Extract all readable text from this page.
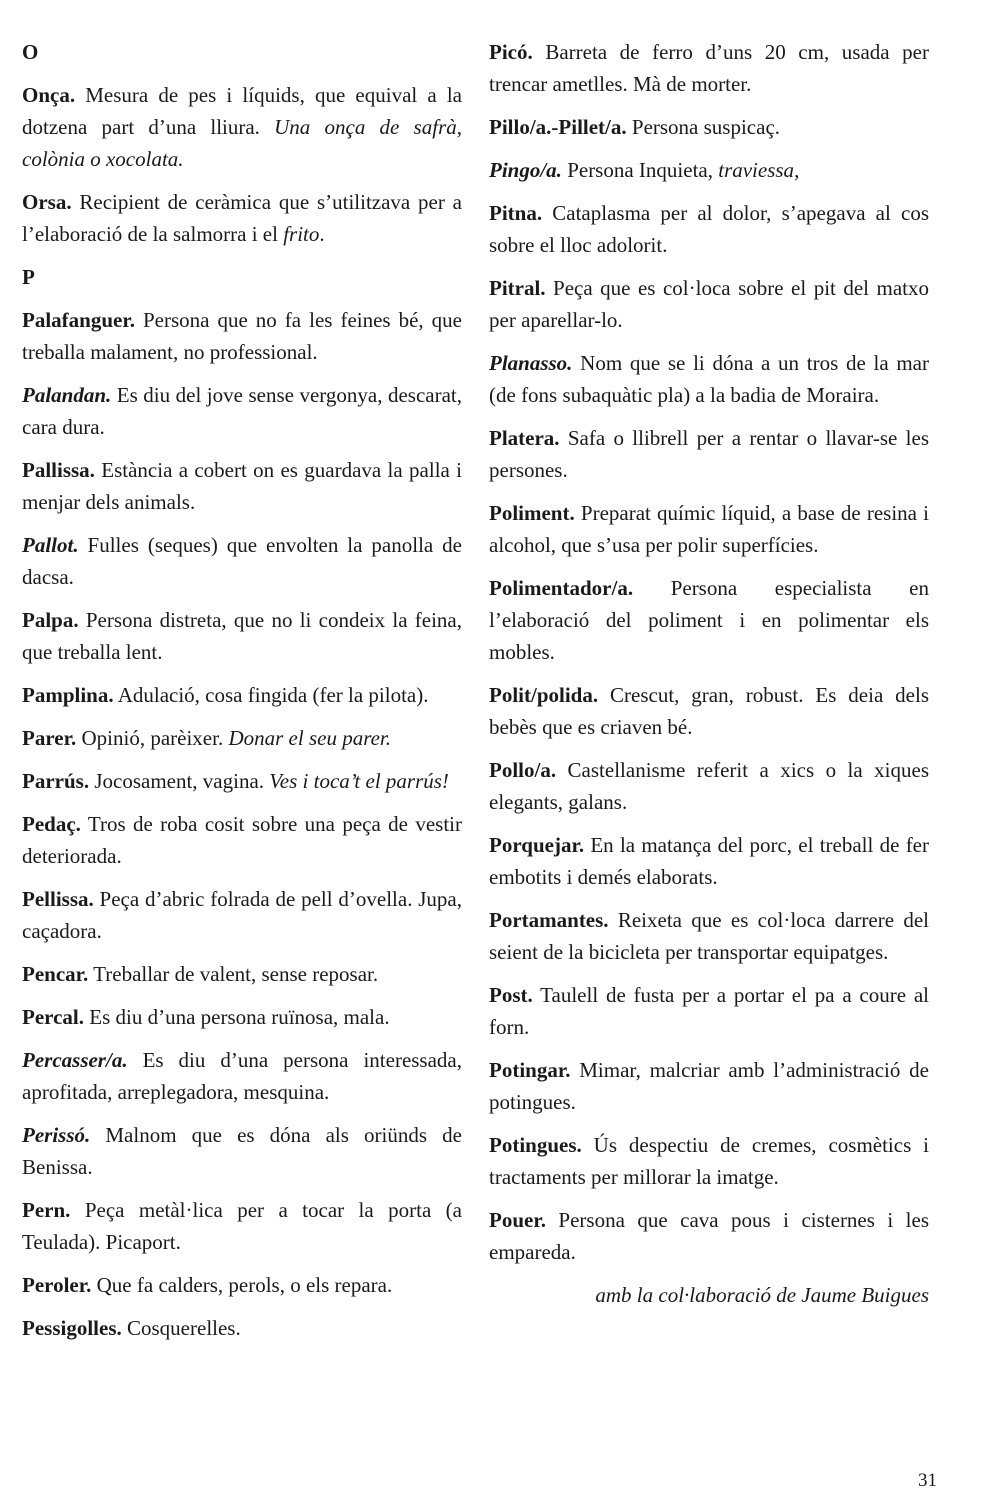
O
Onça. Mesura de pes i líquids, que equival a la dotzena part d’una lliura. Una onça de safrà, colònia o xocolata.
Orsa. Recipient de ceràmica que s’utilitzava per a l’elaboració de la salmorra i el frito.
P
Palafanguer. Persona que no fa les feines bé, que treballa malament, no professional.
Palandan. Es diu del jove sense vergonya, descarat, cara dura.
Pallissa. Estància a cobert on es guardava la palla i menjar dels animals.
Pallot. Fulles (seques) que envolten la panolla de dacsa.
Palpa. Persona distreta, que no li condeix la feina, que treballa lent.
Pamplina. Adulació, cosa fingida (fer la pilota).
Parer. Opinió, parèixer. Donar el seu parer.
Parrús. Jocosament, vagina. Ves i toca’t el parrús!
Pedaç. Tros de roba cosit sobre una peça de vestir deteriorada.
Pellissa. Peça d’abric folrada de pell d’ovella. Jupa, caçadora.
Pencar. Treballar de valent, sense reposar.
Percal. Es diu d’una persona ruïnosa, mala.
Percasser/a. Es diu d’una persona interessada, aprofitada, arreplegadora, mesquina.
Perissó. Malnom que es dóna als oriünds de Benissa.
Pern. Peça metàl·lica per a tocar la porta (a Teulada). Picaport.
Peroler. Que fa calders, perols, o els repara.
Pessigolles. Cosquerelles.
Picó. Barreta de ferro d’uns 20 cm, usada per trencar ametlles. Mà de morter.
Pillo/a.-Pillet/a. Persona suspicaç.
Pingo/a. Persona Inquieta, traviessa,
Pitna. Cataplasma per al dolor, s’apegava al cos sobre el lloc adolorit.
Pitral. Peça que es col·loca sobre el pit del matxo per aparellar-lo.
Planasso. Nom que se li dóna a un tros de la mar (de fons subaquàtic pla) a la badia de Moraira.
Platera. Safa o llibrell per a rentar o llavar-se les persones.
Poliment. Preparat químic líquid, a base de resina i alcohol, que s’usa per polir superfícies.
Polimentador/a. Persona especialista en l’elaboració del poliment i en polimentar els mobles.
Polit/polida. Crescut, gran, robust. Es deia dels bebès que es criaven bé.
Pollo/a. Castellanisme referit a xics o la xiques elegants, galans.
Porquejar. En la matança del porc, el treball de fer embotits i demés elaborats.
Portamantes. Reixeta que es col·loca darrere del seient de la bicicleta per transportar equipatges.
Post. Taulell de fusta per a portar el pa a coure al forn.
Potingar. Mimar, malcriar amb l’administració de potingues.
Potingues. Ús despectiu de cremes, cosmètics i tractaments per millorar la imatge.
Pouer. Persona que cava pous i cisternes i les empareda.
amb la col·laboració de Jaume Buigues
31
